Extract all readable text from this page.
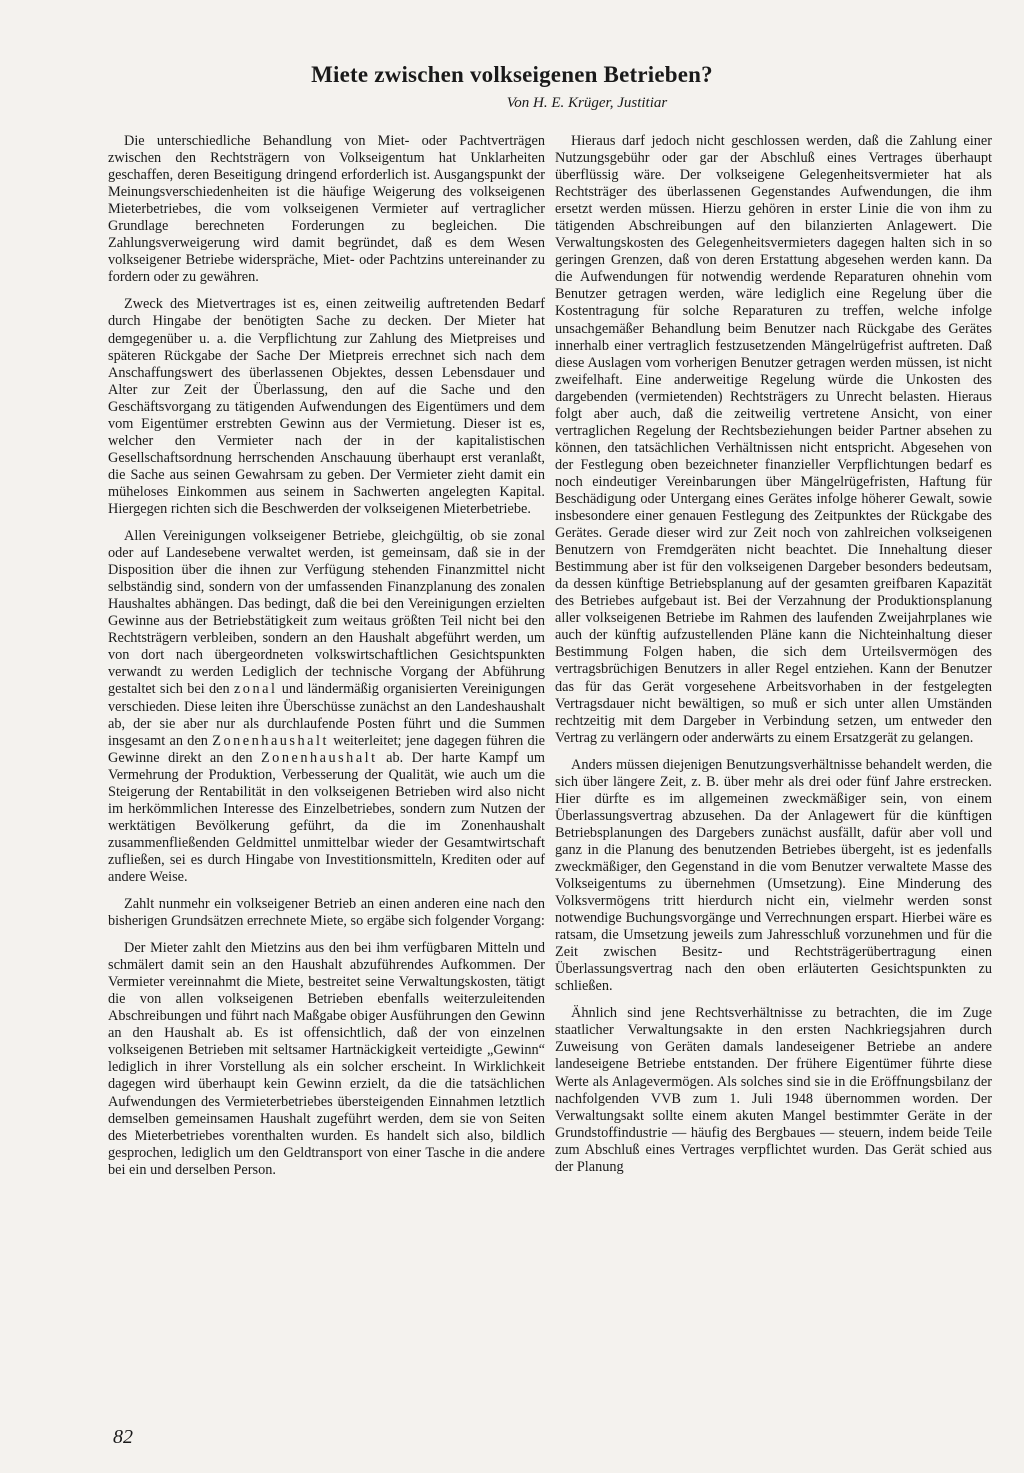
Miete zwischen volkseigenen Betrieben?
Von H. E. Krüger, Justitiar

Die unterschiedliche Behandlung von Miet- oder Pachtverträgen zwischen den Rechtsträgern von Volkseigentum hat Unklarheiten geschaffen, deren Beseitigung dringend erforderlich ist. Ausgangspunkt der Meinungsverschiedenheiten ist die häufige Weigerung des volkseigenen Mieterbetriebes, die vom volkseigenen Vermieter auf vertraglicher Grundlage berechneten Forderungen zu begleichen. Die Zahlungsverweigerung wird damit begründet, daß es dem Wesen volkseigener Betriebe widerspräche, Miet- oder Pachtzins untereinander zu fordern oder zu gewähren.

Zweck des Mietvertrages ist es, einen zeitweilig auftretenden Bedarf durch Hingabe der benötigten Sache zu decken. Der Mieter hat demgegenüber u. a. die Verpflichtung zur Zahlung des Mietpreises und späteren Rückgabe der Sache Der Mietpreis errechnet sich nach dem Anschaffungswert des überlassenen Objektes, dessen Lebensdauer und Alter zur Zeit der Überlassung, den auf die Sache und den Geschäftsvorgang zu tätigenden Aufwendungen des Eigentümers und dem vom Eigentümer erstrebten Gewinn aus der Vermietung. Dieser ist es, welcher den Vermieter nach der in der kapitalistischen Gesellschaftsordnung herrschenden Anschauung überhaupt erst veranlaßt, die Sache aus seinen Gewahrsam zu geben. Der Vermieter zieht damit ein müheloses Einkommen aus seinem in Sachwerten angelegten Kapital. Hiergegen richten sich die Beschwerden der volkseigenen Mieterbetriebe.

Allen Vereinigungen volkseigener Betriebe, gleichgültig, ob sie zonal oder auf Landesebene verwaltet werden, ist gemeinsam, daß sie in der Disposition über die ihnen zur Verfügung stehenden Finanzmittel nicht selbständig sind, sondern von der umfassenden Finanzplanung des zonalen Haushaltes abhängen. Das bedingt, daß die bei den Vereinigungen erzielten Gewinne aus der Betriebstätigkeit zum weitaus größten Teil nicht bei den Rechtsträgern verbleiben, sondern an den Haushalt abgeführt werden, um von dort nach übergeordneten volkswirtschaftlichen Gesichtspunkten verwandt zu werden Lediglich der technische Vorgang der Abführung gestaltet sich bei den zonal und ländermäßig organisierten Vereinigungen verschieden. Diese leiten ihre Überschüsse zunächst an den Landeshaushalt ab, der sie aber nur als durchlaufende Posten führt und die Summen insgesamt an den Zonenhaushalt weiterleitet; jene dagegen führen die Gewinne direkt an den Zonenhaushalt ab. Der harte Kampf um Vermehrung der Produktion, Verbesserung der Qualität, wie auch um die Steigerung der Rentabilität in den volkseigenen Betrieben wird also nicht im herkömmlichen Interesse des Einzelbetriebes, sondern zum Nutzen der werktätigen Bevölkerung geführt, da die im Zonenhaushalt zusammenfließenden Geldmittel unmittelbar wieder der Gesamtwirtschaft zufließen, sei es durch Hingabe von Investitionsmitteln, Krediten oder auf andere Weise.

Zahlt nunmehr ein volkseigener Betrieb an einen anderen eine nach den bisherigen Grundsätzen errechnete Miete, so ergäbe sich folgender Vorgang:

Der Mieter zahlt den Mietzins aus den bei ihm verfügbaren Mitteln und schmälert damit sein an den Haushalt abzuführendes Aufkommen. Der Vermieter vereinnahmt die Miete, bestreitet seine Verwaltungskosten, tätigt die von allen volkseigenen Betrieben ebenfalls weiterzuleitenden Abschreibungen und führt nach Maßgabe obiger Ausführungen den Gewinn an den Haushalt ab. Es ist offensichtlich, daß der von einzelnen volkseigenen Betrieben mit seltsamer Hartnäckigkeit verteidigte „Gewinn“ lediglich in ihrer Vorstellung als ein solcher erscheint. In Wirklichkeit dagegen wird überhaupt kein Gewinn erzielt, da die die tatsächlichen Aufwendungen des Vermieterbetriebes übersteigenden Einnahmen letztlich demselben gemeinsamen Haushalt zugeführt werden, dem sie von Seiten des Mieterbetriebes vorenthalten wurden. Es handelt sich also, bildlich gesprochen, lediglich um den Geldtransport von einer Tasche in die andere bei ein und derselben Person.

Hieraus darf jedoch nicht geschlossen werden, daß die Zahlung einer Nutzungsgebühr oder gar der Abschluß eines Vertrages überhaupt überflüssig wäre. Der volkseigene Gelegenheitsvermieter hat als Rechtsträger des überlassenen Gegenstandes Aufwendungen, die ihm ersetzt werden müssen. Hierzu gehören in erster Linie die von ihm zu tätigenden Abschreibungen auf den bilanzierten Anlagewert. Die Verwaltungskosten des Gelegenheitsvermieters dagegen halten sich in so geringen Grenzen, daß von deren Erstattung abgesehen werden kann. Da die Aufwendungen für notwendig werdende Reparaturen ohnehin vom Benutzer getragen werden, wäre lediglich eine Regelung über die Kostentragung für solche Reparaturen zu treffen, welche infolge unsachgemäßer Behandlung beim Benutzer nach Rückgabe des Gerätes innerhalb einer vertraglich festzusetzenden Mängelrügefrist auftreten. Daß diese Auslagen vom vorherigen Benutzer getragen werden müssen, ist nicht zweifelhaft. Eine anderweitige Regelung würde die Unkosten des dargebenden (vermietenden) Rechtsträgers zu Unrecht belasten. Hieraus folgt aber auch, daß die zeitweilig vertretene Ansicht, von einer vertraglichen Regelung der Rechtsbeziehungen beider Partner absehen zu können, den tatsächlichen Verhältnissen nicht entspricht. Abgesehen von der Festlegung oben bezeichneter finanzieller Verpflichtungen bedarf es noch eindeutiger Vereinbarungen über Mängelrügefristen, Haftung für Beschädigung oder Untergang eines Gerätes infolge höherer Gewalt, sowie insbesondere einer genauen Festlegung des Zeitpunktes der Rückgabe des Gerätes. Gerade dieser wird zur Zeit noch von zahlreichen volkseigenen Benutzern von Fremdgeräten nicht beachtet. Die Innehaltung dieser Bestimmung aber ist für den volkseigenen Dargeber besonders bedeutsam, da dessen künftige Betriebsplanung auf der gesamten greifbaren Kapazität des Betriebes aufgebaut ist. Bei der Verzahnung der Produktionsplanung aller volkseigenen Betriebe im Rahmen des laufenden Zweijahrplanes wie auch der künftig aufzustellenden Pläne kann die Nichteinhaltung dieser Bestimmung Folgen haben, die sich dem Urteilsvermögen des vertragsbrüchigen Benutzers in aller Regel entziehen. Kann der Benutzer das für das Gerät vorgesehene Arbeitsvorhaben in der festgelegten Vertragsdauer nicht bewältigen, so muß er sich unter allen Umständen rechtzeitig mit dem Dargeber in Verbindung setzen, um entweder den Vertrag zu verlängern oder anderwärts zu einem Ersatzgerät zu gelangen.

Anders müssen diejenigen Benutzungsverhältnisse behandelt werden, die sich über längere Zeit, z. B. über mehr als drei oder fünf Jahre erstrecken. Hier dürfte es im allgemeinen zweckmäßiger sein, von einem Überlassungsvertrag abzusehen. Da der Anlagewert für die künftigen Betriebsplanungen des Dargebers zunächst ausfällt, dafür aber voll und ganz in die Planung des benutzenden Betriebes übergeht, ist es jedenfalls zweckmäßiger, den Gegenstand in die vom Benutzer verwaltete Masse des Volkseigentums zu übernehmen (Umsetzung). Eine Minderung des Volksvermögens tritt hierdurch nicht ein, vielmehr werden sonst notwendige Buchungsvorgänge und Verrechnungen erspart. Hierbei wäre es ratsam, die Umsetzung jeweils zum Jahresschluß vorzunehmen und für die Zeit zwischen Besitz- und Rechtsträgerübertragung einen Überlassungsvertrag nach den oben erläuterten Gesichtspunkten zu schließen.

Ähnlich sind jene Rechtsverhältnisse zu betrachten, die im Zuge staatlicher Verwaltungsakte in den ersten Nachkriegsjahren durch Zuweisung von Geräten damals landeseigener Betriebe an andere landeseigene Betriebe entstanden. Der frühere Eigentümer führte diese Werte als Anlagevermögen. Als solches sind sie in die Eröffnungsbilanz der nachfolgenden VVB zum 1. Juli 1948 übernommen worden. Der Verwaltungsakt sollte einem akuten Mangel bestimmter Geräte in der Grundstoffindustrie — häufig des Bergbaues — steuern, indem beide Teile zum Abschluß eines Vertrages verpflichtet wurden. Das Gerät schied aus der Planung

82
